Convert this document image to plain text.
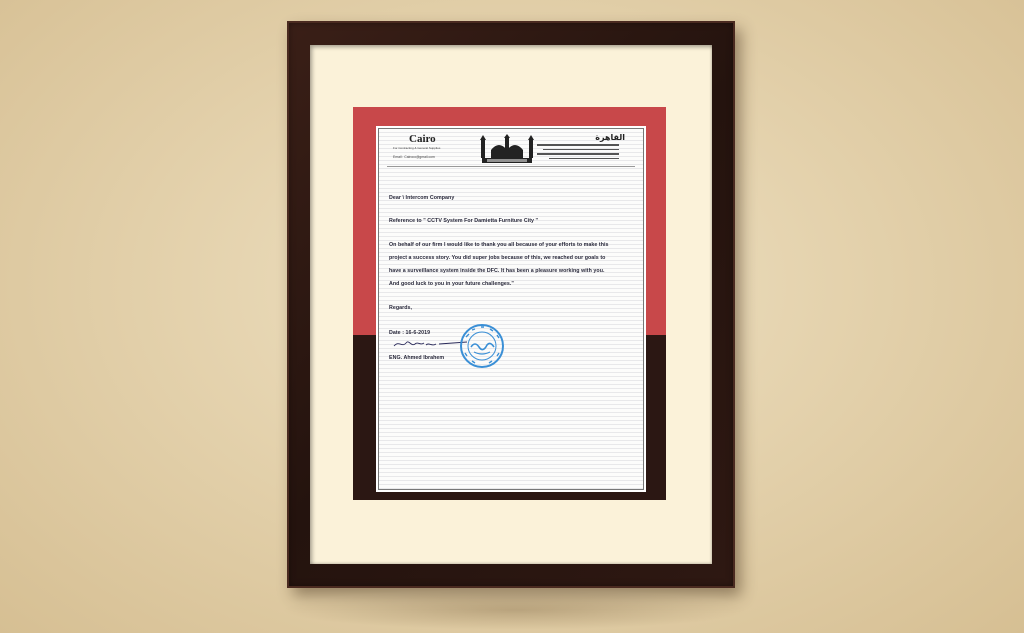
Cairo
For Contracting & General Supplies
Email : Cairoco@gmail.com
القاهرة
Dear \ Intercom Company
Reference to " CCTV System For Damietta Furniture City "
On behalf of our firm I would like to thank you all because of your efforts to make this
project a success story. You did super jobs because of this, we reached our goals to
have a surveillance system inside the DFC. It has been a pleasure working with you.
And good luck to you in your future challenges."
Regards,
Date : 16-6-2019
ENG. Ahmed Ibrahem
